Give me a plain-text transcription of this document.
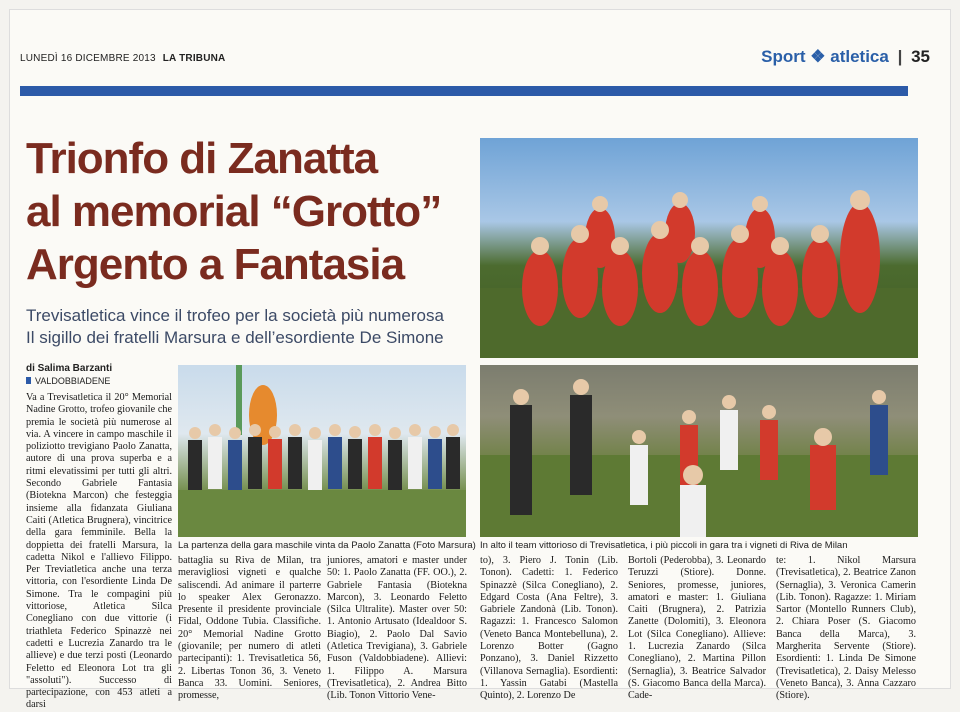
LUNEDÌ 16 DICEMBRE 2013 LA TRIBUNA	Sport ❖ atletica | 35
Trionfo di Zanatta
al memorial “Grotto”
Argento a Fantasia
Trevisatletica vince il trofeo per la società più numerosa
Il sigillo dei fratelli Marsura e dell’esordiente De Simone
di Salima Barzanti
VALDOBBIADENE
Va a Trevisatletica il 20° Memorial Nadine Grotto, trofeo giovanile che premia le società più numerose al via. A vincere in campo maschile il poliziotto trevigiano Paolo Zanatta, autore di una prova superba e a ritmi elevatissimi per tutti gli altri. Secondo Gabriele Fantasia (Biotekna Marcon) che festeggia insieme alla fidanzata Giuliana Caiti (Atletica Brugnera), vincitrice della gara femminile. Bella la doppietta dei fratelli Marsura, la cadetta Nikol e l'allievo Filippo. Per Treviatletica anche una terza vittoria, con l'esordiente Linda De Simone. Tra le compagini più vittoriose, Atletica Silca Conegliano con due vittorie (i triathleta Federico Spinazzè nei cadetti e Lucrezia Zanardo tra le allieve) e due terzi posti (Leonardo Feletto ed Eleonora Lot tra gli "assoluti"). Successo di partecipazione, con 453 atleti a darsi
La partenza della gara maschile vinta da Paolo Zanatta (Foto Marsura) In alto il team vittorioso di Trevisatletica, i più piccoli in gara tra i vigneti di Riva de Milan
battaglia su Riva de Milan, tra meravigliosi vigneti e qualche saliscendi. Ad animare il parterre lo speaker Alex Geronazzo. Presente il presidente provinciale Fidal, Oddone Tubia. Classifiche. 20° Memorial Nadine Grotto (giovanile; per numero di atleti partecipanti): 1. Trevisatletica 56, 2. Libertas Tonon 36, 3. Veneto Banca 33. Uomini. Seniores, promesse,
juniores, amatori e master under 50: 1. Paolo Zanatta (FF. OO.), 2. Gabriele Fantasia (Biotekna Marcon), 3. Leonardo Feletto (Silca Ultralite). Master over 50: 1. Antonio Artusato (Idealdoor S. Biagio), 2. Paolo Dal Savio (Atletica Trevigiana), 3. Gabriele Fuson (Valdobbiadene). Allievi: 1. Filippo A. Marsura (Trevisatletica), 2. Andrea Bitto (Lib. Tonon Vittorio Vene-
to), 3. Piero J. Tonin (Lib. Tonon). Cadetti: 1. Federico Spinazzè (Silca Conegliano), 2. Edgard Costa (Ana Feltre), 3. Gabriele Zandonà (Lib. Tonon). Ragazzi: 1. Francesco Salomon (Veneto Banca Montebelluna), 2. Lorenzo Botter (Gagno Ponzano), 3. Daniel Rizzetto (Villanova Sernaglia). Esordienti: 1. Yassin Gatabi (Mastella Quinto), 2. Lorenzo De
Bortoli (Pederobba), 3. Leonardo Teruzzi (Stiore). Donne. Seniores, promesse, juniores, amatori e master: 1. Giuliana Caiti (Brugnera), 2. Patrizia Zanette (Dolomiti), 3. Eleonora Lot (Silca Conegliano). Allieve: 1. Lucrezia Zanardo (Silca Conegliano), 2. Martina Pillon (Sernaglia), 3. Beatrice Salvador (S. Giacomo Banca della Marca). Cade-
te: 1. Nikol Marsura (Trevisatletica), 2. Beatrice Zanon (Sernaglia), 3. Veronica Camerin (Lib. Tonon). Ragazze: 1. Miriam Sartor (Montello Runners Club), 2. Chiara Poser (S. Giacomo Banca della Marca), 3. Margherita Servente (Stiore). Esordienti: 1. Linda De Simone (Trevisatletica), 2. Daisy Melesso (Veneto Banca), 3. Anna Cazzaro (Stiore).
